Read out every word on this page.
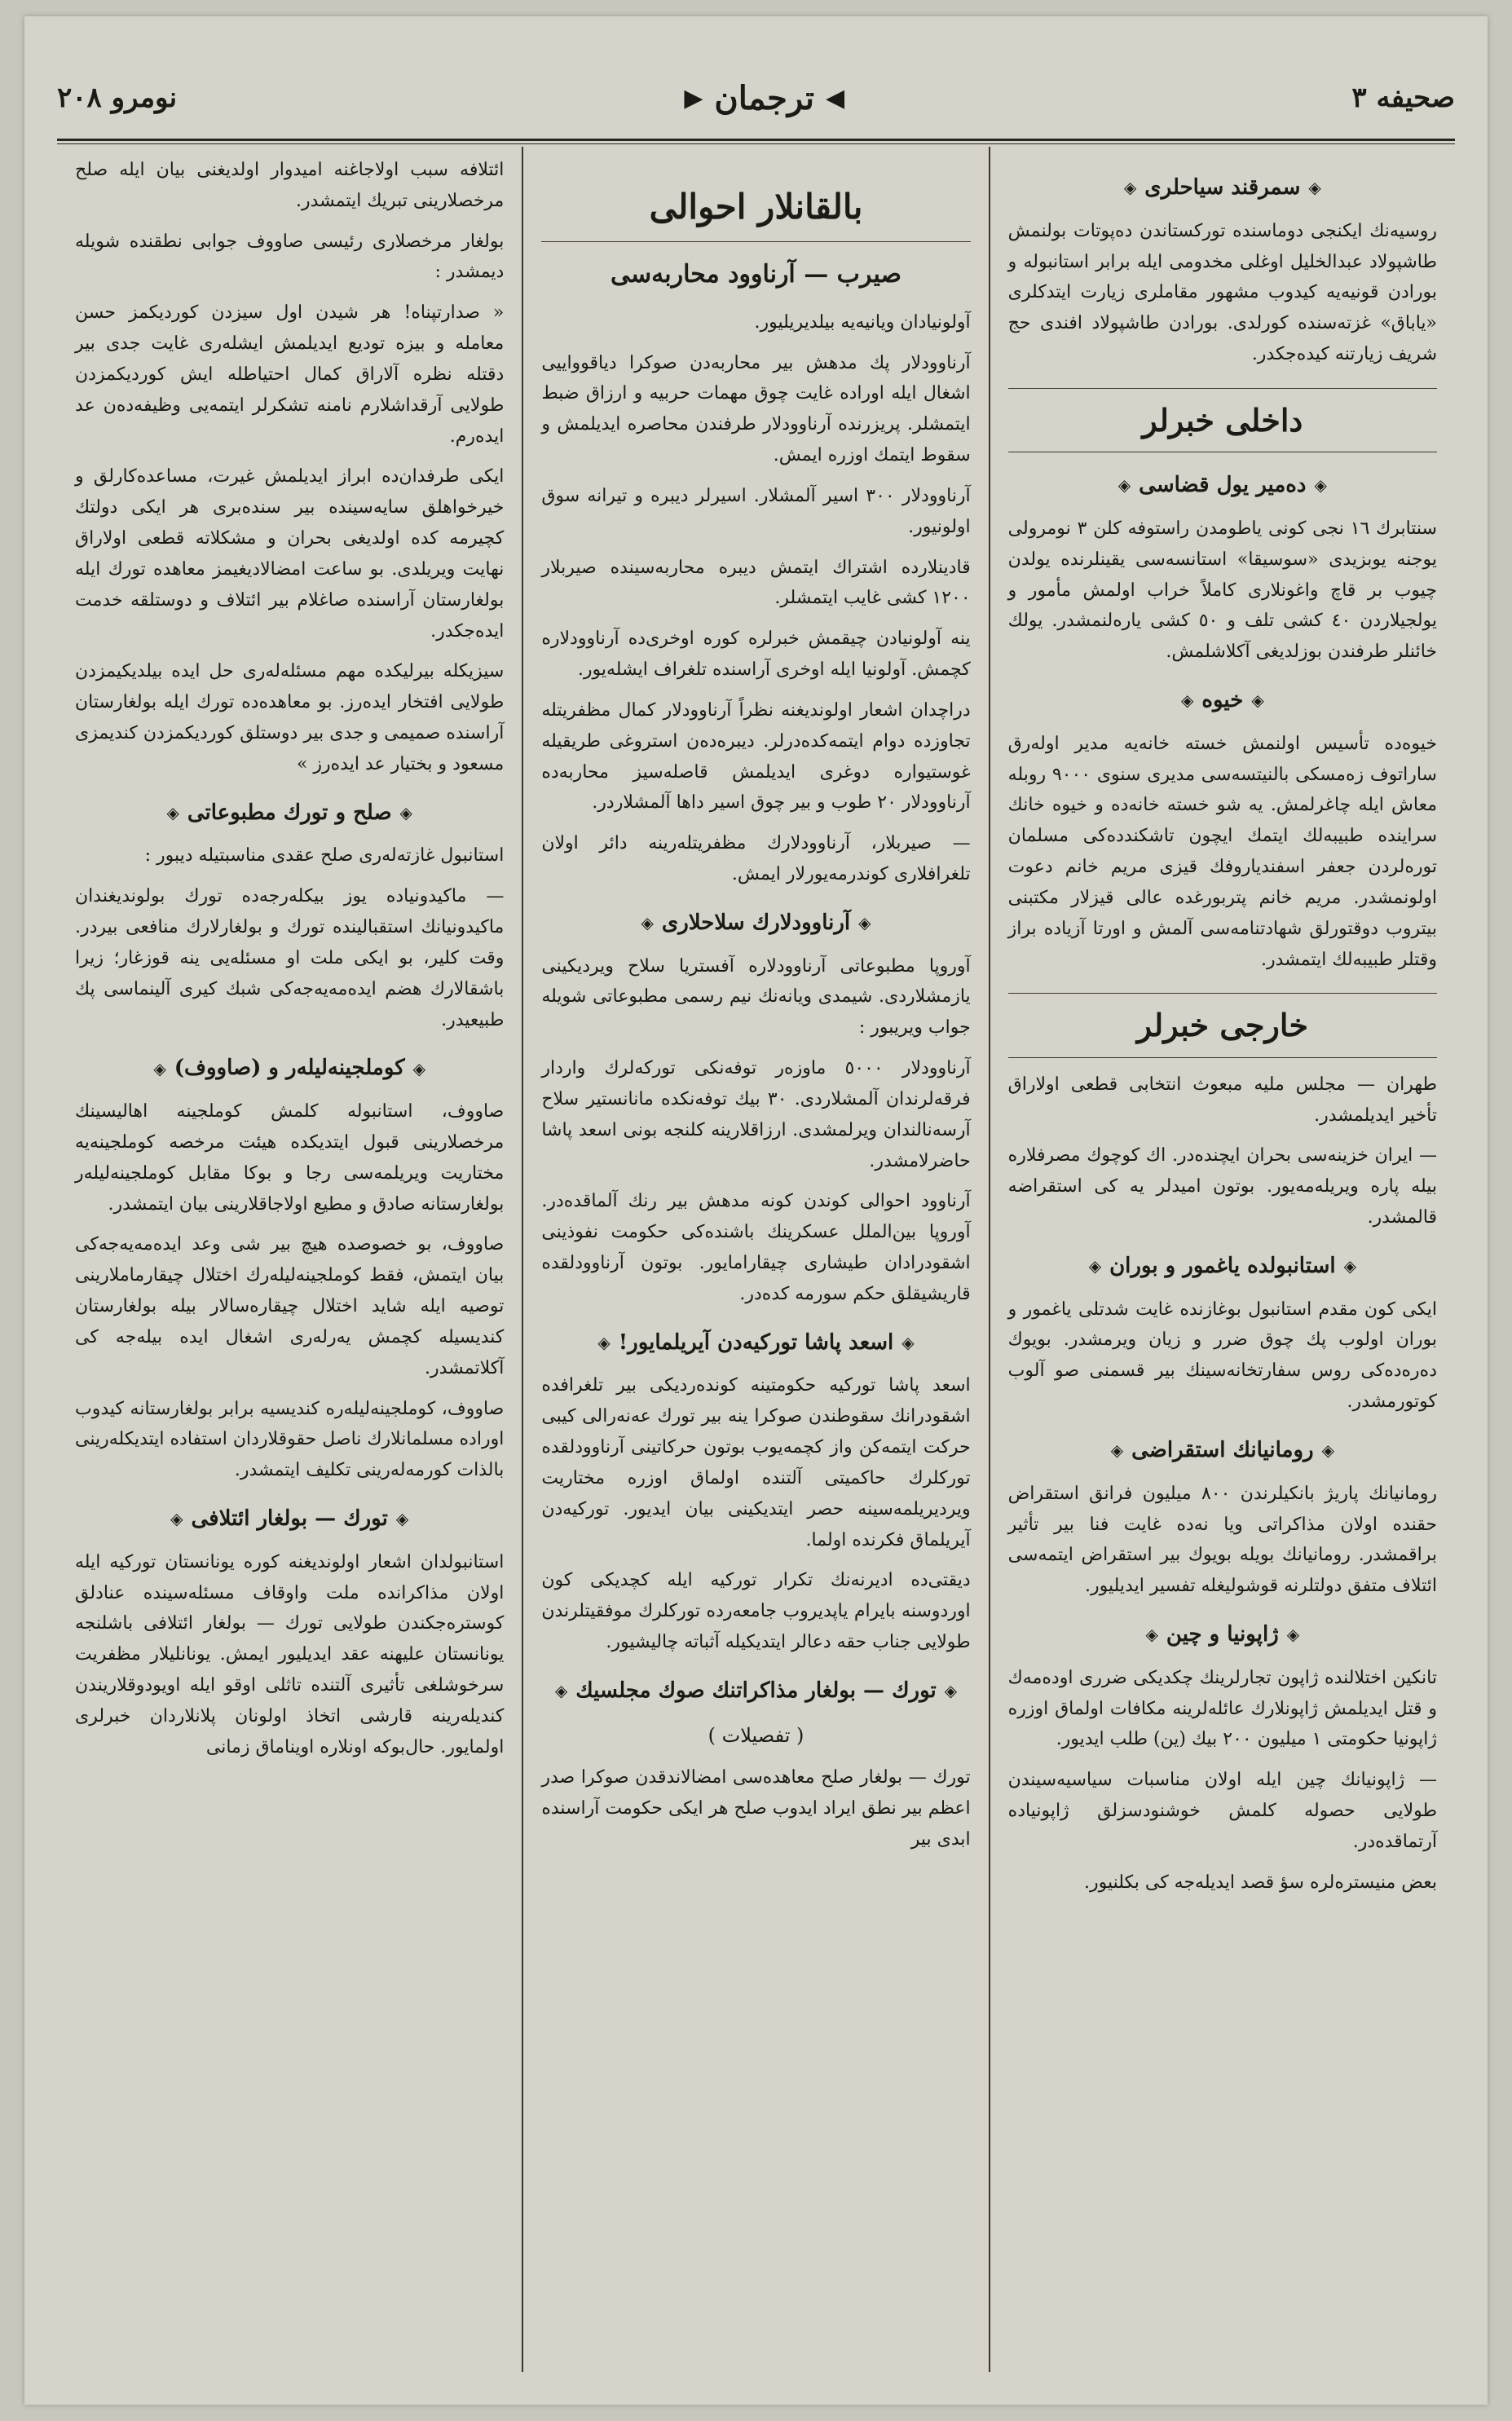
صحیفه ٣
◀
ترجمان
▶
نومرو ٢٠٨
◈
سمرقند سیاحلری
◈

روسیه‌نك ایكنجی دوماسنده توركستاندن دەپوتات بولنمش طاشپولاد عبدالخلیل اوغلی مخدومی ایله برابر استانبوله و بورادن قونیه‌یه كیدوب مشهور مقاملری زیارت ایتدكلری «یاباق» غزته‌سنده كورلدی. بورادن طاشپولاد افندی حج شریف زیارتنه كیده‌جكدر.

داخلی خبرلر
◈
دەمیر یول قضاسی
◈

سنتابرك ١٦ نجی كونی یاطومدن راستوفه كلن ٣ نومرولی یوجنه یوبزیدی «سوسیقا» استانسه‌سی یقینلرنده یولدن چیوب بر قاچ واغونلاری كاملاً خراب اولمش مأمور و یولجیلاردن ٤٠ كشی تلف و ٥٠ كشی یاره‌لنمشدر. یولك خائنلر طرفندن بوزلدیغی آكلاشلمش.

◈
خیوه
◈

خیوه‌ده تأسیس اولنمش خسته خانه‌یه مدیر اولەرق ساراتوف زەمسكی بالنیتسه‌سی مدیری سنوی ٩٠٠٠ روبله معاش ایله چاغرلمش. یه شو خسته خانه‌ده و خیوه خانك سراینده طبیبه‌لك ایتمك ایچون تاشكندده‌كی مسلمان تورەلردن جعفر اسفندیاروفك قیزی مریم خانم دعوت اولونمشدر. مریم خانم پتربورغده عالی قیزلار مكتبنی بیتروب دوقتورلق شهادتنامه‌سی آلمش و اورتا آزیاده براز وقتلر طبیبه‌لك ایتمشدر.

خارجی خبرلر

طهران — مجلس ملیه مبعوث انتخابی قطعی اولاراق تأخیر ایدیلمشدر.

— ایران خزینه‌سی بحران ایچنده‌در. اك كوچوك مصرفلاره بیله پاره ویریلەمەیور. بوتون امیدلر یه كی استقراضه قالمشدر.

◈
استانبولده یاغمور و بوران
◈

ایكی كون مقدم استانبول بوغازنده غایت شدتلی یاغمور و بوران اولوب پك چوق ضرر و زیان ویرمشدر. بویوك دەرەده‌كی روس سفارتخانه‌سینك بیر قسمنی صو آلوب كوتورمشدر.

◈
رومانیانك استقراضی
◈

رومانیانك پاریژ بانكیلرندن ٨٠٠ میلیون فرانق استقراض حقنده اولان مذاكراتی ویا نەدە غایت فنا بیر تأثیر براقمشدر. رومانیانك بویله بویوك بیر استقراض ایتمه‌سی ائتلاف متفق دولتلرنه قوشولیغله تفسیر ایدیلیور.

◈
ژاپونیا و چین
◈

تانكین اختلالنده ژاپون تجارلرینك چكدیكی ضرری اودەمەك و قتل ایدیلمش ژاپونلارك عائله‌لرینه مكافات اولماق اوزره ژاپونیا حكومتی ١ میلیون ٢٠٠ بیك (ین) طلب ایدیور.

— ژاپونیانك چین ایله اولان مناسبات سیاسیه‌سیندن طولایی حصوله كلمش خوشنودسزلق ژاپونیاده آرتماقده‌در.

بعض منیستره‌لره سؤ قصد ایدیله‌جه كی بكلنیور.

بالقانلار احوالی
صیرب — آرناوود محاربه‌سی

آولونیادان ویانیه‌یه بیلدیریلیور.

آرناوودلار پك مدهش بیر محاربه‌دن صوكرا دیاقوواییی اشغال ایله اوراده غایت چوق مهمات حربیه و ارزاق ضبط ایتمشلر. پریزرنده آرناوودلار طرفندن محاصره ایدیلمش و سقوط ایتمك اوزره ایمش.

آرناوودلار ٣٠٠ اسیر آلمشلار. اسیرلر دیبره و تیرانه سوق اولونیور.

قادینلارده اشتراك ایتمش دیبره محاربه‌سینده صیربلار ١٢٠٠ كشی غایب ایتمشلر.

ینه آولونیادن چیقمش خبرلره كوره اوخری‌ده آرناوودلاره كچمش. آولونیا ایله اوخری آراسنده تلغراف ایشله‌یور.

دراچدان اشعار اولوندیغنه نظراً آرناوودلار كمال مظفریتله تجاوزده دوام ایتمه‌كده‌درلر. دیبره‌دەن استروغی طریقیله غوستیواره دوغری ایدیلمش قاصله‌سیز محاربه‌ده آرناوودلار ٢٠ طوب و بیر چوق اسیر داها آلمشلاردر.

— صیربلار، آرناوودلارك مظفریتلەرینه دائر اولان تلغرافلاری كوندرمه‌یورلار ایمش.

◈
آرناوودلارك سلاحلاری
◈

آوروپا مطبوعاتی آرناوودلاره آفستریا سلاح ویردیكینی یازمشلاردی. شیمدی ویانه‌نك نیم رسمی مطبوعاتی شویله جواب ویریبور :

آرناوودلار ٥٠٠٠ ماوزەر توفەنكی توركه‌لرك واردار فرقه‌لرندان آلمشلاردی. ٣٠ بیك توفەنكده‌ مانانستیر سلاح آرسه‌نالندان ویرلمشدی. ارزاقلارینه كلنجه بونی اسعد پاشا حاضرلامشدر.

آرناوود احوالی كوندن كونه مدهش بیر رنك آلماقده‌در. آوروپا بین‌الملل عسكرینك باشنده‌كی حكومت نفوذینی اشقودرادان طیشاری چیقارامایور. بوتون آرناوودلقده قاریشیقلق حكم سورمه كده‌در.

◈
اسعد پاشا توركیه‌دن آیریلمایور!
◈

اسعد پاشا توركیه حكومتینه كوندەردیكی بیر تلغرافده اشقودرانك سقوطندن صوكرا ینه بیر تورك عەنەرالی كیبی حركت ایتمه‌كن واز كچمه‌یوب بوتون حركاتینی آرناوودلقده توركلرك حاكمیتی آلتنده اولماق اوزره مختاریت ویردیریلمه‌سینه حصر ایتدیكینی بیان ایدیور. توركیه‌دن آیریلماق فكرنده اولما.

دیقتی‌ده ادیرنه‌نك تكرار توركیه ایله كچدیكی كون اوردوسنه بایرام یاپدیروب جامعه‌رده توركلرك موفقیتلرندن طولایی جناب حقه دعالر ایتدیكیله آثباته چالیشیور.

◈
تورك — بولغار مذاكراتنك صوك مجلسیك
◈
( تفصیلات )

تورك — بولغار صلح معاهده‌سی امضالاندقدن صوكرا صدر اعظم بیر نطق ایراد ایدوب صلح هر ایكی حكومت آراسنده ابدی بیر

ائتلافه سبب اولاجاغنه امیدوار اولدیغنی بیان ایله صلح مرخصلارینی تبریك ایتمشدر.

بولغار مرخصلاری رئیسی صاووف جوابی نطقنده شویله دیمشدر :

« صدارتپناه! هر شیدن اول سیزدن كوردیكمز حسن معامله و بیزه توديع ایدیلمش ایشلەری غایت جدی بیر دقتله نظره آلاراق كمال احتیاطله ایش كوردیكمزدن طولایی آرقداشلارم نامنه تشكرلر ایتمه‌یی وظیفه‌دەن عد ایدەرم.

ایكی طرفدان‌ده ابراز ایدیلمش غیرت، مساعده‌كارلق و خیرخواهلق سایه‌سینده بیر سنده‌بری هر ایكی دولتك كچیرمه كده اولدیغی بحران و مشكلاته قطعی اولاراق نهایت ویریلدی. بو ساعت امضالادیغیمز معاهده تورك ایله بولغارستان آراسنده صاغلام بیر ائتلاف و دوستلقه خدمت ایده‌جكدر.

سیزیكله بیرلیكده مهم مسئله‌لەری حل ایده بیلدیكیمزدن طولایی افتخار ایدەرز. بو معاهده‌ده تورك ایله بولغارستان آراسنده صمیمی و جدی بیر دوستلق كوردیكمزدن كندیمزی مسعود و بختیار عد ایدەرز »

◈
صلح و تورك مطبوعاتی
◈

استانبول غازته‌لەری صلح عقدی مناسبتیله دیبور :

— ماكیدونیاده یوز بیكلەرجه‌ده تورك بولوندیغندان ماكیدونیانك استقبالینده تورك و بولغارلارك منافعی بیردر. وقت كلیر، بو ایكی ملت او مسئله‌یی ینه قوزغار؛ زیرا باشقالارك هضم ایده‌مه‌یه‌جه‌كی شبك كیری آلینماسی پك طبیعیدر.

◈
كوملجینه‌لیلەر و (صاووف)
◈

صاووف، استانبوله كلمش كوملجینه اهالیسینك مرخصلارینی قبول ایتدیكده هیئت مرخصه كوملجینه‌یه مختاریت ویریلمه‌سی رجا و بوكا مقابل كوملجینه‌لیلەر بولغارستانه صادق و مطیع اولاجاقلارینی بیان ایتمشدر.

صاووف، بو خصوصده هیچ بیر شی وعد ایده‌مه‌یه‌جه‌كی بیان ایتمش، فقط كوملجینه‌لیلەرك اختلال چیقارماملارینی توصیه ایله شاید اختلال چیقارەسالار بیله بولغارستان كندیسیله كچمش یەرلەری اشغال ایده بیله‌جه كی آكلاتمشدر.

صاووف، كوملجینه‌لیلەره كندیسیه برابر بولغارستانه كیدوب اورادە مسلمانلارك ناصل حقوقلاردان استفاده ایتدیكلەرینی بالذات كورمه‌لەرینی تكلیف ایتمشدر.

◈
تورك — بولغار ائتلافی
◈

استانبولدان اشعار اولوندیغنه كوره یونانستان توركیه ایله اولان مذاكرانده ملت واوقاف مسئله‌سینده عنادلق كوسترەجكندن طولایی تورك — بولغار ائتلافی باشلنجه یونانستان علیهنه عقد ایدیلیور ایمش. یونانلیلار مظفریت سرخوشلغی تأثیری آلتنده تاثلی اوقو ایله اویودوقلاریندن كندیله‌رینه قارشی اتخاذ اولونان پلانلاردان خبرلری اولمایور. حال‌بوكه اونلاره اویناماق زمانی
